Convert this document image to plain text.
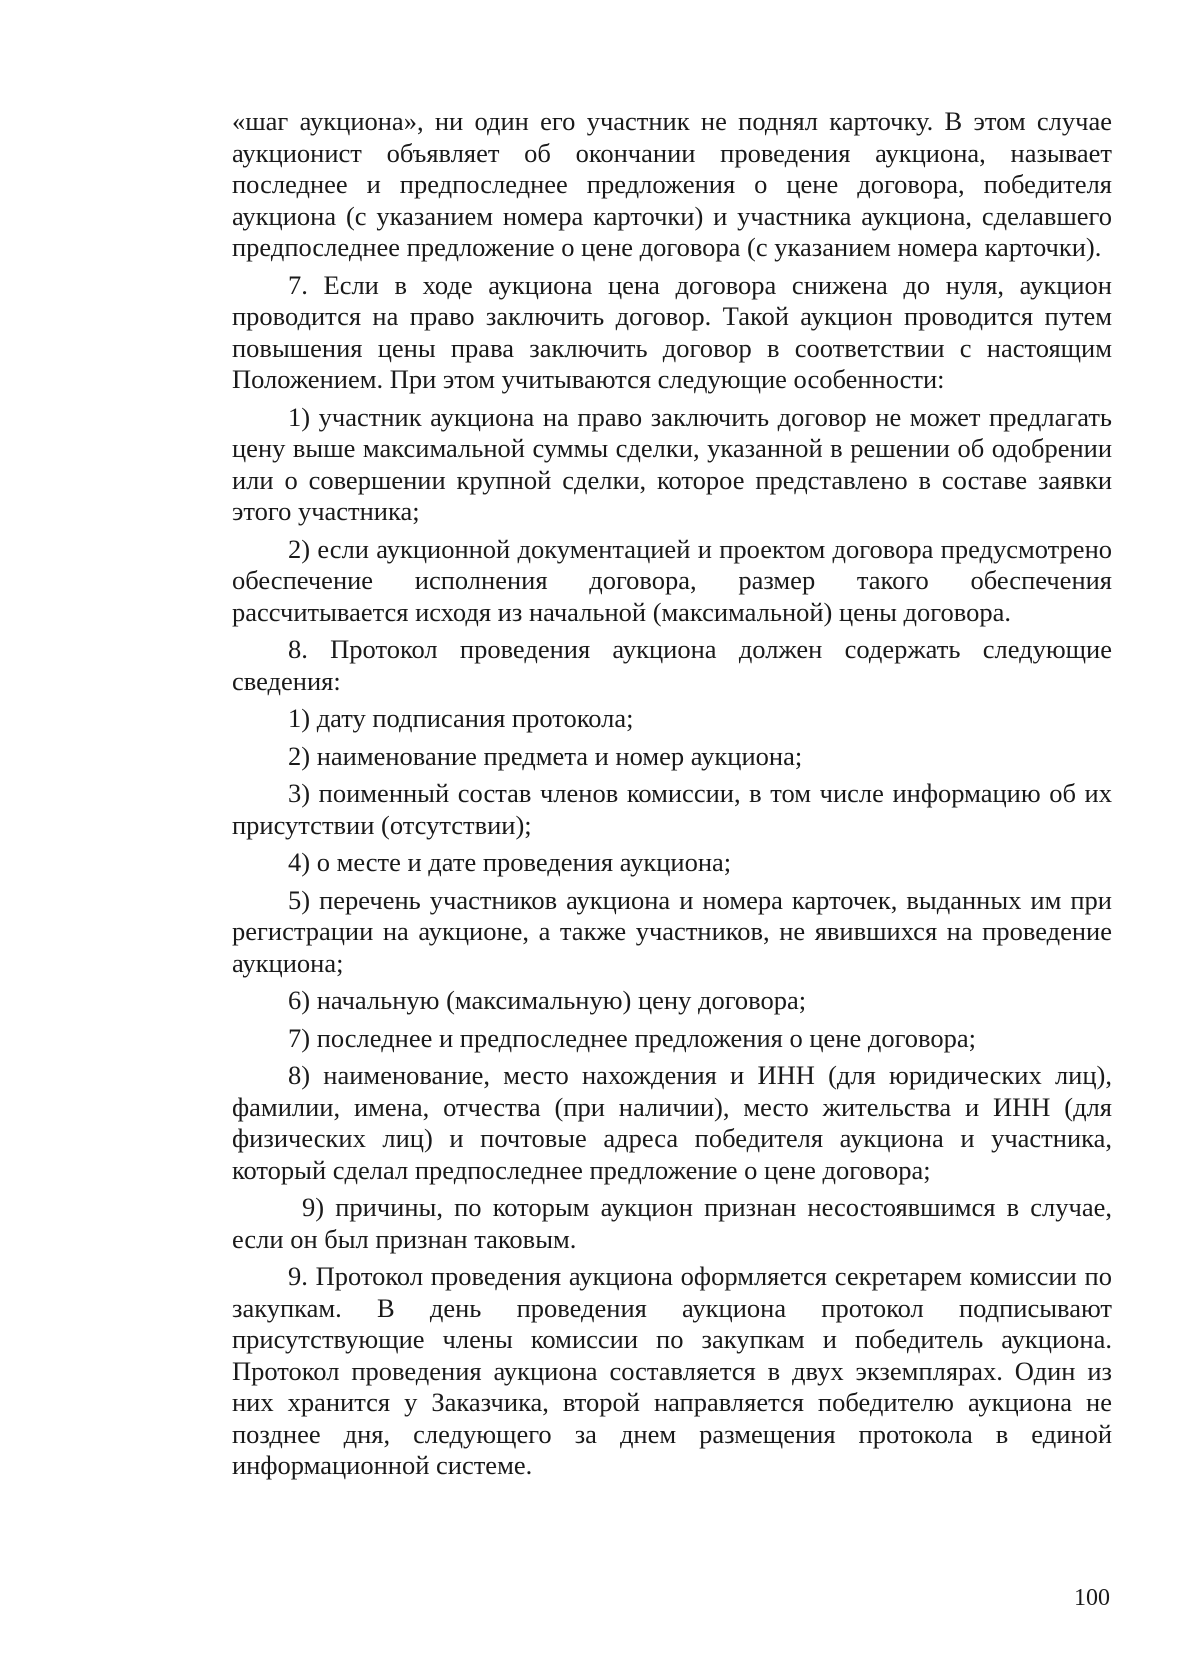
«шаг аукциона», ни один его участник не поднял карточку. В этом случае аукционист объявляет об окончании проведения аукциона, называет последнее и предпоследнее предложения о цене договора, победителя аукциона (с указанием номера карточки) и участника аукциона, сделавшего предпоследнее предложение о цене договора (с указанием номера карточки).

7. Если в ходе аукциона цена договора снижена до нуля, аукцион проводится на право заключить договор. Такой аукцион проводится путем повышения цены права заключить договор в соответствии с настоящим Положением. При этом учитываются следующие особенности:

1) участник аукциона на право заключить договор не может предлагать цену выше максимальной суммы сделки, указанной в решении об одобрении или о совершении крупной сделки, которое представлено в составе заявки этого участника;

2) если аукционной документацией и проектом договора предусмотрено обеспечение исполнения договора, размер такого обеспечения рассчитывается исходя из начальной (максимальной) цены договора.

8. Протокол проведения аукциона должен содержать следующие сведения:

1) дату подписания протокола;

2) наименование предмета и номер аукциона;

3) поименный состав членов комиссии, в том числе информацию об их присутствии (отсутствии);

4) о месте и дате проведения аукциона;

5) перечень участников аукциона и номера карточек, выданных им при регистрации на аукционе, а также участников, не явившихся на проведение аукциона;

6) начальную (максимальную) цену договора;

7) последнее и предпоследнее предложения о цене договора;

8) наименование, место нахождения и ИНН (для юридических лиц), фамилии, имена, отчества (при наличии), место жительства и ИНН (для физических лиц) и почтовые адреса победителя аукциона и участника, который сделал предпоследнее предложение о цене договора;

9) причины, по которым аукцион признан несостоявшимся в случае, если он был признан таковым.

9. Протокол проведения аукциона оформляется секретарем комиссии по закупкам. В день проведения аукциона протокол подписывают присутствующие члены комиссии по закупкам и победитель аукциона. Протокол проведения аукциона составляется в двух экземплярах. Один из них хранится у Заказчика, второй направляется победителю аукциона не позднее дня, следующего за днем размещения протокола в единой информационной системе.

100
